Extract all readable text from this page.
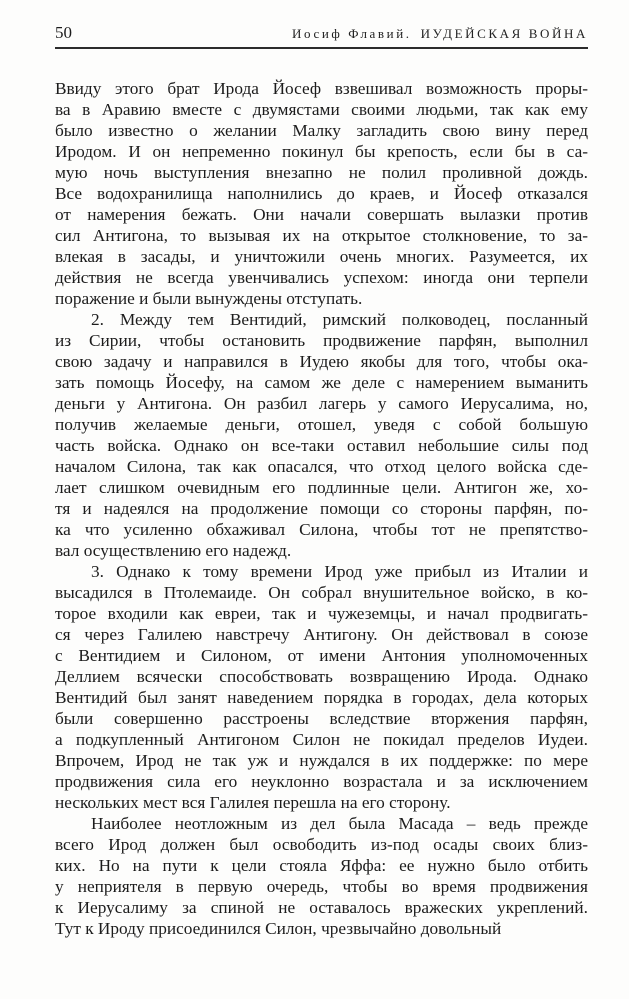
50	Иосиф Флавий. ИУДЕЙСКАЯ ВОЙНА
Ввиду этого брат Ирода Йосеф взвешивал возможность проры-
ва в Аравию вместе с двумястами своими людьми, так как ему
было известно о желании Малку загладить свою вину перед
Иродом. И он непременно покинул бы крепость, если бы в са-
мую ночь выступления внезапно не полил проливной дождь.
Все водохранилища наполнились до краев, и Йосеф отказался
от намерения бежать. Они начали совершать вылазки против
сил Антигона, то вызывая их на открытое столкновение, то за-
влекая в засады, и уничтожили очень многих. Разумеется, их
действия не всегда увенчивались успехом: иногда они терпели
поражение и были вынуждены отступать.
2. Между тем Вентидий, римский полководец, посланный
из Сирии, чтобы остановить продвижение парфян, выполнил
свою задачу и направился в Иудею якобы для того, чтобы ока-
зать помощь Йосефу, на самом же деле с намерением выманить
деньги у Антигона. Он разбил лагерь у самого Иерусалима, но,
получив желаемые деньги, отошел, уведя с собой большую
часть войска. Однако он все-таки оставил небольшие силы под
началом Силона, так как опасался, что отход целого войска сде-
лает слишком очевидным его подлинные цели. Антигон же, хо-
тя и надеялся на продолжение помощи со стороны парфян, по-
ка что усиленно обхаживал Силона, чтобы тот не препятство-
вал осуществлению его надежд.
3. Однако к тому времени Ирод уже прибыл из Италии и
высадился в Птолемаиде. Он собрал внушительное войско, в ко-
торое входили как евреи, так и чужеземцы, и начал продвигать-
ся через Галилею навстречу Антигону. Он действовал в союзе
с Вентидием и Силоном, от имени Антония уполномоченных
Деллием всячески способствовать возвращению Ирода. Однако
Вентидий был занят наведением порядка в городах, дела которых
были совершенно расстроены вследствие вторжения парфян,
а подкупленный Антигоном Силон не покидал пределов Иудеи.
Впрочем, Ирод не так уж и нуждался в их поддержке: по мере
продвижения сила его неуклонно возрастала и за исключением
нескольких мест вся Галилея перешла на его сторону.
Наиболее неотложным из дел была Масада – ведь прежде
всего Ирод должен был освободить из-под осады своих близ-
ких. Но на пути к цели стояла Яффа: ее нужно было отбить
у неприятеля в первую очередь, чтобы во время продвижения
к Иерусалиму за спиной не оставалось вражеских укреплений.
Тут к Ироду присоединился Силон, чрезвычайно довольный
